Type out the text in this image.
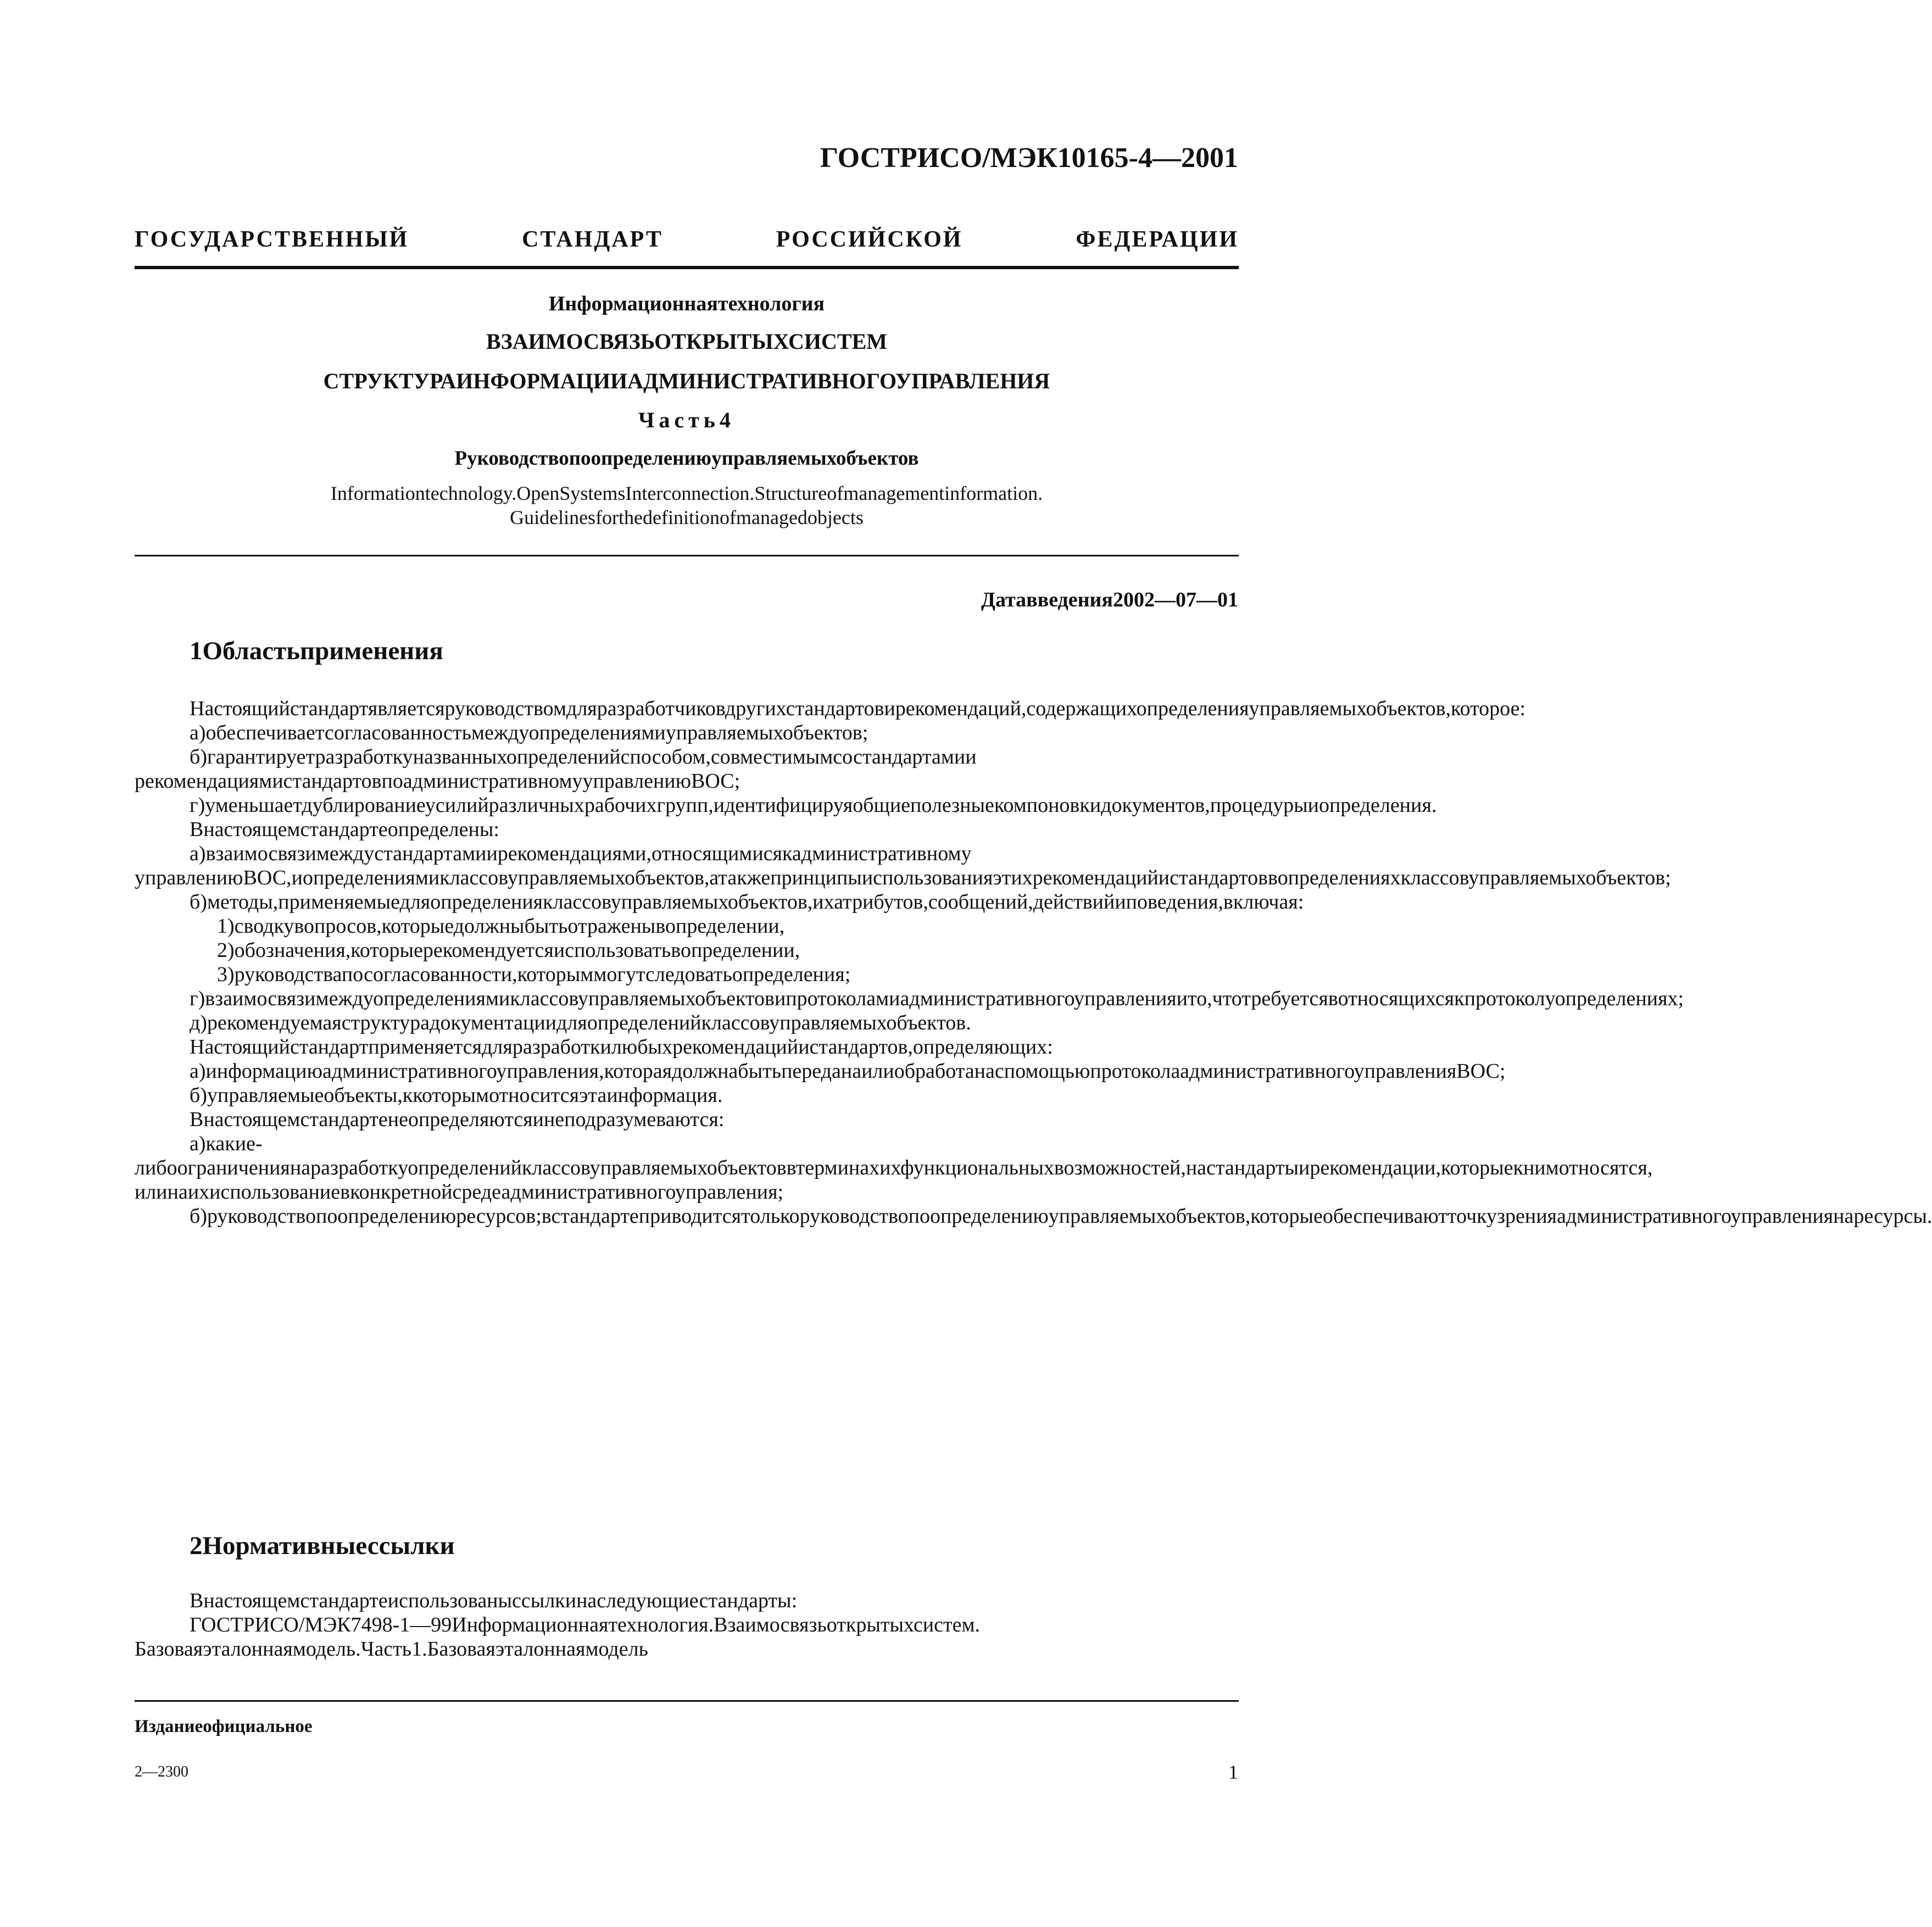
ГОСТРИСО/МЭК10165-4—2001
ГОСУДАРСТВЕННЫЙ СТАНДАРТ РОССИЙСКОЙ ФЕДЕРАЦИИ

Информационнаятехнология

ВЗАИМОСВЯЗЬОТКРЫТЫХСИСТЕМ

СТРУКТУРАИНФОРМАЦИИАДМИНИСТРАТИВНОГОУПРАВЛЕНИЯ

Часть4

Руководствопоопределениюуправляемыхобъектов

Informationtechnology.OpenSystemsInterconnection.Structureofmanagementinformation.

Guidelinesforthedefinitionofmanagedobjects

Датавведения2002—07—01
1Областьприменения

Настоящийстандартявляетсяруководствомдляразработчиковдругихстандартовирекомендаций,содержащихопределенияуправляемыхобъектов,которое:

а)обеспечиваетсогласованностьмеждуопределениямиуправляемыхобъектов;

б)гарантируетразработкуназванныхопределенийспособом,совместимымсостандартамии рекомендациямистандартовпоадминистративномууправлениюВОС;

г)уменьшаетдублированиеусилийразличныхрабочихгрупп,идентифицируяобщиеполезныекомпоновкидокументов,процедурыиопределения.

Внастоящемстандартеопределены:

а)взаимосвязимеждустандартамиирекомендациями,относящимисякадминистративному управлениюВОС,иопределениямиклассовуправляемыхобъектов,атакжепринципыиспользованияэтихрекомендацийистандартоввопределенияхклассовуправляемыхобъектов;

б)методы,применяемыедляопределенияклассовуправляемыхобъектов,ихатрибутов,сообщений,действийиповедения,включая:

1)сводкувопросов,которыедолжныбытьотраженывопределении,

2)обозначения,которыерекомендуетсяиспользоватьвопределении,

3)руководствапосогласованности,которыммогутследоватьопределения;

г)взаимосвязимеждуопределениямиклассовуправляемыхобъектовипротоколамиадминистративногоуправленияито,чтотребуетсявотносящихсякпротоколуопределениях;

д)рекомендуемаяструктурадокументациидляопределенийклассовуправляемыхобъектов.

Настоящийстандартприменяетсядляразработкилюбыхрекомендацийистандартов,определяющих:

а)информациюадминистративногоуправления,котораядолжнабытьпереданаилиобработанаспомощьюпротоколаадминистративногоуправленияВОС;

б)управляемыеобъекты,ккоторымотноситсяэтаинформация.

Внастоящемстандартенеопределяютсяинеподразумеваются:

а)какие-либоограничениянаразработкуопределенийклассовуправляемыхобъектоввтерминахихфункциональныхвозможностей,настандартыирекомендации,которыекнимотносятся, илинаихиспользованиевконкретнойсредеадминистративногоуправления;

б)руководствопоопределениюресурсов;встандартеприводитсятолькоруководствопоопределениюуправляемыхобъектов,которыеобеспечиваютточкузренияадминистративногоуправлениянаресурсы.

2Нормативныессылки

Внастоящемстандартеиспользованыссылкинаследующиестандарты:

ГОСТРИСО/МЭК7498-1—99Информационнаятехнология.Взаимосвязьоткрытыхсистем. Базоваяэталоннаямодель.Часть1.Базоваяэталоннаямодель

Изданиеофициальное
2—2300	1
